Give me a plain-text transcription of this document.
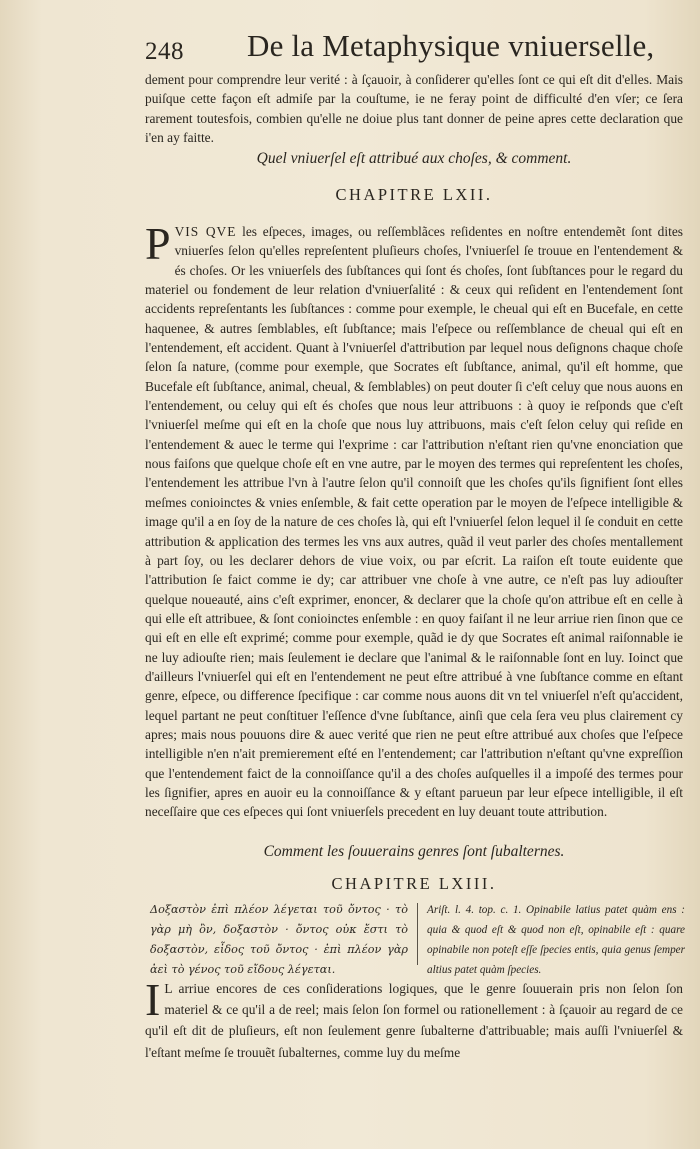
248 De la Metaphysique vniuerselle,
dement pour comprendre leur verité : à ſçauoir, à conſiderer qu'elles ſont ce qui eſt dit d'elles. Mais puiſque cette façon eſt admiſe par la couſtume, ie ne feray point de difficulté d'en vſer; ce ſera rarement toutesfois, combien qu'elle ne doiue plus tant donner de peine apres cette declaration que i'en ay faitte.
Quel vniuerſel eſt attribué aux choſes, & comment.
CHAPITRE LXII.
P VIS QVE les eſpeces, images, ou reſſemblãces reſidentes en noſtre entendemẽt ſont dites vniuerſes ſelon qu'elles repreſentent pluſieurs choſes, l'vniuerſel ſe trouue en l'entendement & és choſes. Or les vniuerſels des ſubſtances qui ſont és choſes, ſont ſubſtances pour le regard du materiel ou fondement de leur relation d'vniuerſalité : & ceux qui reſident en l'entendement ſont accidents repreſentants les ſubſtances : comme pour exemple, le cheual qui eſt en Bucefale, en cette haquenee, & autres ſemblables, eſt ſubſtance; mais l'eſpece ou reſſemblance de cheual qui eſt en l'entendement, eſt accident. Quant à l'vniuerſel d'attribution par lequel nous deſignons chaque choſe ſelon ſa nature, (comme pour exemple, que Socrates eſt ſubſtance, animal, qu'il eſt homme, que Bucefale eſt ſubſtance, animal, cheual, & ſemblables) on peut douter ſi c'eſt celuy que nous auons en l'entendement, ou celuy qui eſt és choſes que nous leur attribuons : à quoy ie reſponds que c'eſt l'vniuerſel meſme qui eſt en la choſe que nous luy attribuons, mais c'eſt ſelon celuy qui reſide en l'entendement & auec le terme qui l'exprime : car l'attribution n'eſtant rien qu'vne enonciation que nous faiſons que quelque choſe eſt en vne autre, par le moyen des termes qui repreſentent les choſes, l'entendement les attribue l'vn à l'autre ſelon qu'il connoiſt que les choſes qu'ils ſignifient ſont elles meſmes conioinctes & vnies enſemble, & fait cette operation par le moyen de l'eſpece intelligible & image qu'il a en ſoy de la nature de ces choſes là, qui eſt l'vniuerſel ſelon lequel il ſe conduit en cette attribution & application des termes les vns aux autres, quãd il veut parler des choſes mentallement à part ſoy, ou les declarer dehors de viue voix, ou par eſcrit. La raiſon eſt toute euidente que l'attribution ſe faict comme ie dy; car attribuer vne choſe à vne autre, ce n'eſt pas luy adiouſter quelque noueauté, ains c'eſt exprimer, enoncer, & declarer que la choſe qu'on attribue eſt en celle à qui elle eſt attribuee, & ſont conioinctes enſemble : en quoy faiſant il ne leur arriue rien ſinon que ce qui eſt en elle eſt exprimé; comme pour exemple, quãd ie dy que Socrates eſt animal raiſonnable ie ne luy adiouſte rien; mais ſeulement ie declare que l'animal & le raiſonnable ſont en luy. Ioinct que d'ailleurs l'vniuerſel qui eſt en l'entendement ne peut eſtre attribué à vne ſubſtance comme en eſtant genre, eſpece, ou difference ſpecifique : car comme nous auons dit vn tel vniuerſel n'eſt qu'accident, lequel partant ne peut conſtituer l'eſſence d'vne ſubſtance, ainſi que cela ſera veu plus clairement cy apres; mais nous pouuons dire & auec verité que rien ne peut eſtre attribué aux choſes que l'eſpece intelligible n'en n'ait premierement eſté en l'entendement; car l'attribution n'eſtant qu'vne expreſſion que l'entendement faict de la connoiſſance qu'il a des choſes auſquelles il a impoſé des termes pour les ſignifier, apres en auoir eu la connoiſſance & y eſtant parueun par leur eſpece intelligible, il eſt neceſſaire que ces eſpeces qui ſont vniuerſels precedent en luy deuant toute attribution.
Comment les ſouuerains genres ſont ſubalternes.
CHAPITRE LXIII.
Δοξαστὸν ἐπὶ πλέον λέγεται τοῦ ὄντος · τὸ γὰρ μὴ ὂν, δοξαστὸν · ὄντος οὐκ ἔστι τὸ δοξαστὸν, εἶδος τοῦ ὄντος · ἐπὶ πλέον γὰρ ἀεὶ τὸ γένος τοῦ εἴδους λέγεται.
Ariſt. l. 4. top. c. 1. Opinabile latius patet quàm ens : quia & quod eſt & quod non eſt, opinabile eſt : quare opinabile non poteſt eſſe ſpecies entis, quia genus ſemper altius patet quàm ſpecies.
I L arriue encores de ces conſiderations logiques, que le genre ſouuerain pris non ſelon ſon materiel & ce qu'il a de reel; mais ſelon ſon formel ou rationellement : à ſçauoir au regard de ce qu'il eſt dit de pluſieurs, eſt non ſeulement genre ſubalterne d'attribuable; mais auſſi l'vniuerſel & l'eſtant meſme ſe trouuẽt ſubalternes, comme luy du meſme
